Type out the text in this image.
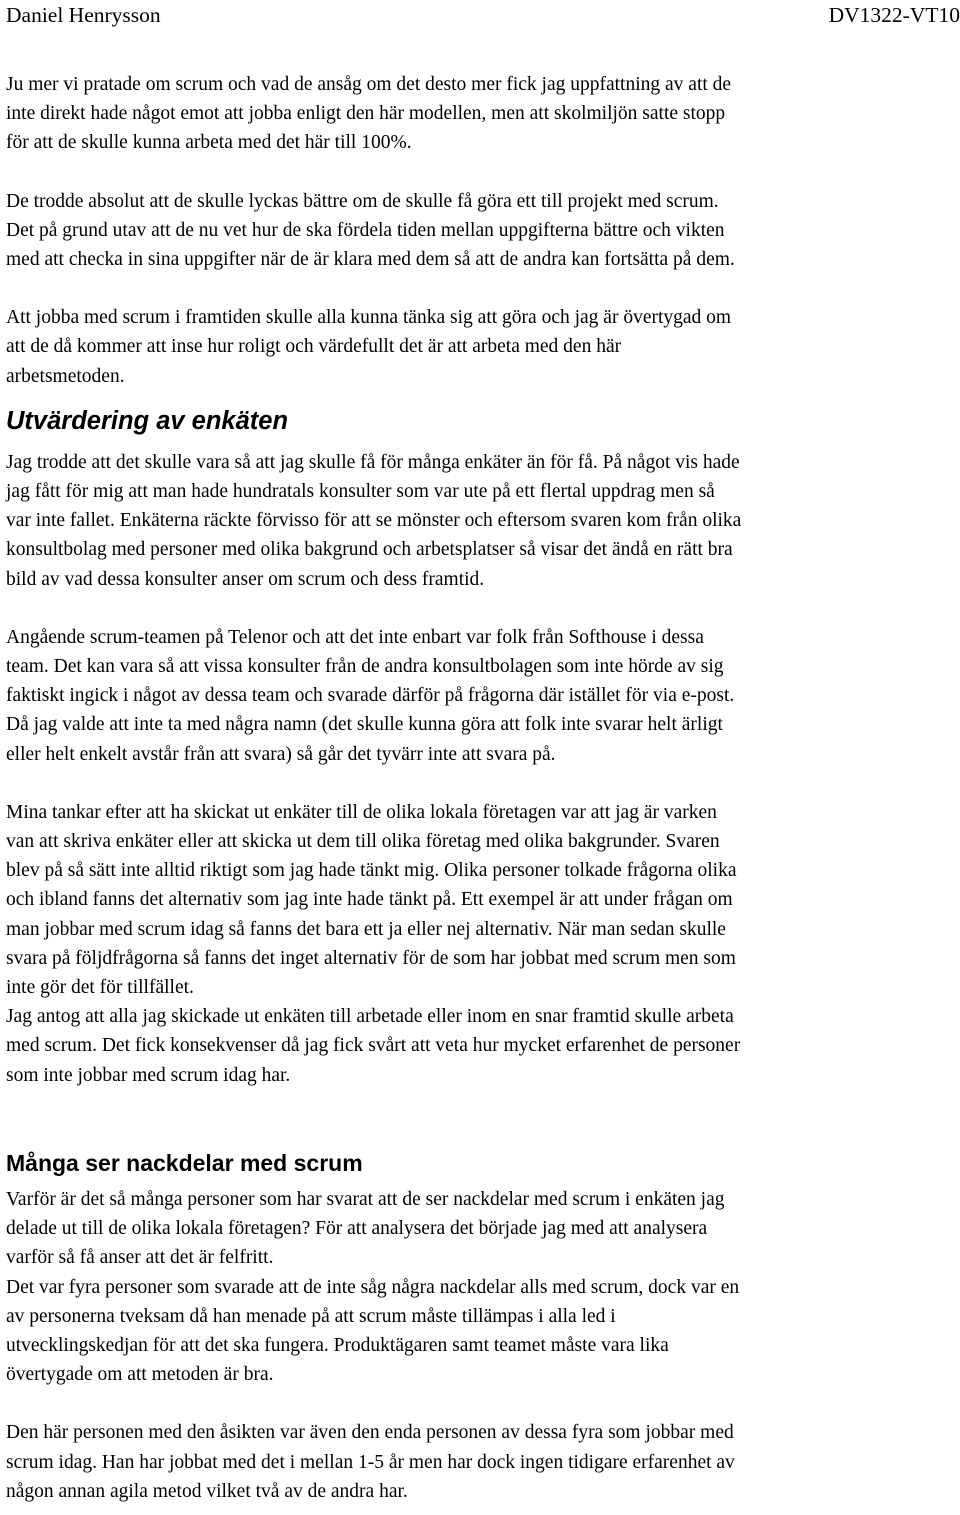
Daniel Henrysson	DV1322-VT10

Ju mer vi pratade om scrum och vad de ansåg om det desto mer fick jag uppfattning av att de
inte direkt hade något emot att jobba enligt den här modellen, men att skolmiljön satte stopp
för att de skulle kunna arbeta med det här till 100%.

De trodde absolut att de skulle lyckas bättre om de skulle få göra ett till projekt med scrum.
Det på grund utav att de nu vet hur de ska fördela tiden mellan uppgifterna bättre och vikten
med att checka in sina uppgifter när de är klara med dem så att de andra kan fortsätta på dem.

Att jobba med scrum i framtiden skulle alla kunna tänka sig att göra och jag är övertygad om
att de då kommer att inse hur roligt och värdefullt det är att arbeta med den här
arbetsmetoden.

Utvärdering av enkäten

Jag trodde att det skulle vara så att jag skulle få för många enkäter än för få. På något vis hade
jag fått för mig att man hade hundratals konsulter som var ute på ett flertal uppdrag men så
var inte fallet. Enkäterna räckte förvisso för att se mönster och eftersom svaren kom från olika
konsultbolag med personer med olika bakgrund och arbetsplatser så visar det ändå en rätt bra
bild av vad dessa konsulter anser om scrum och dess framtid.

Angående scrum-teamen på Telenor och att det inte enbart var folk från Softhouse i dessa
team. Det kan vara så att vissa konsulter från de andra konsultbolagen som inte hörde av sig
faktiskt ingick i något av dessa team och svarade därför på frågorna där istället för via e-post.
Då jag valde att inte ta med några namn (det skulle kunna göra att folk inte svarar helt ärligt
eller helt enkelt avstår från att svara) så går det tyvärr inte att svara på.

Mina tankar efter att ha skickat ut enkäter till de olika lokala företagen var att jag är varken
van att skriva enkäter eller att skicka ut dem till olika företag med olika bakgrunder. Svaren
blev på så sätt inte alltid riktigt som jag hade tänkt mig. Olika personer tolkade frågorna olika
och ibland fanns det alternativ som jag inte hade tänkt på. Ett exempel är att under frågan om
man jobbar med scrum idag så fanns det bara ett ja eller nej alternativ. När man sedan skulle
svara på följdfrågorna så fanns det inget alternativ för de som har jobbat med scrum men som
inte gör det för tillfället.
Jag antog att alla jag skickade ut enkäten till arbetade eller inom en snar framtid skulle arbeta
med scrum. Det fick konsekvenser då jag fick svårt att veta hur mycket erfarenhet de personer
som inte jobbar med scrum idag har.

Många ser nackdelar med scrum

Varför är det så många personer som har svarat att de ser nackdelar med scrum i enkäten jag
delade ut till de olika lokala företagen? För att analysera det började jag med att analysera
varför så få anser att det är felfritt.
Det var fyra personer som svarade att de inte såg några nackdelar alls med scrum, dock var en
av personerna tveksam då han menade på att scrum måste tillämpas i alla led i
utvecklingskedjan för att det ska fungera. Produktägaren samt teamet måste vara lika
övertygade om att metoden är bra.

Den här personen med den åsikten var även den enda personen av dessa fyra som jobbar med
scrum idag. Han har jobbat med det i mellan 1-5 år men har dock ingen tidigare erfarenhet av
någon annan agila metod vilket två av de andra har.
